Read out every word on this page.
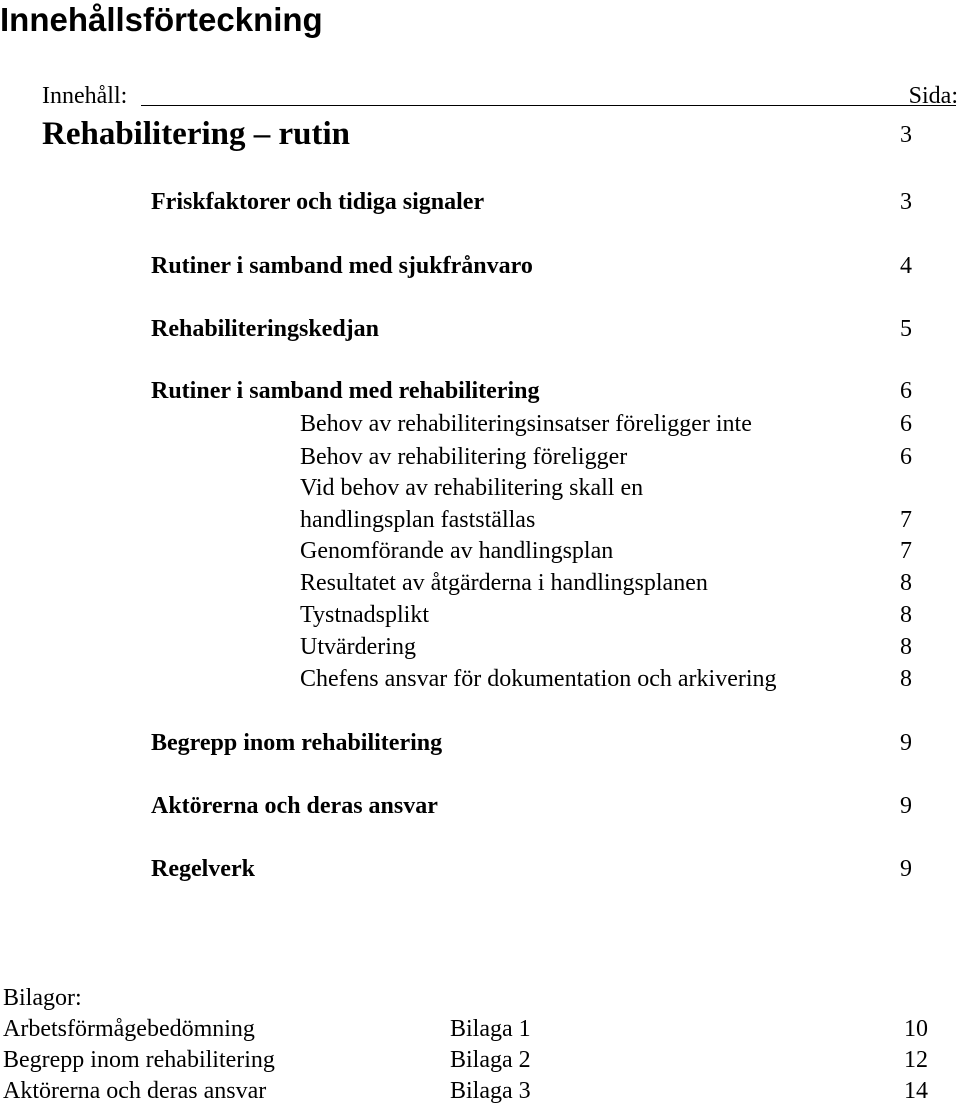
Innehållsförteckning
Innehåll:	Sida:
Rehabilitering – rutin	3
Friskfaktorer och tidiga signaler	3
Rutiner i samband med sjukfrånvaro	4
Rehabiliteringskedjan	5
Rutiner i samband med rehabilitering	6
Behov av rehabiliteringsinsatser föreligger inte	6
Behov av rehabilitering föreligger	6
Vid behov av rehabilitering skall en
handlingsplan fastställas	7
Genomförande av handlingsplan	7
Resultatet av åtgärderna i handlingsplanen	8
Tystnadsplikt	8
Utvärdering	8
Chefens ansvar för dokumentation och arkivering	8
Begrepp inom rehabilitering	9
Aktörerna och deras ansvar	9
Regelverk	9
Bilagor:
Arbetsförmågebedömning	Bilaga 1	10
Begrepp inom rehabilitering	Bilaga 2	12
Aktörerna och deras ansvar	Bilaga 3	14
